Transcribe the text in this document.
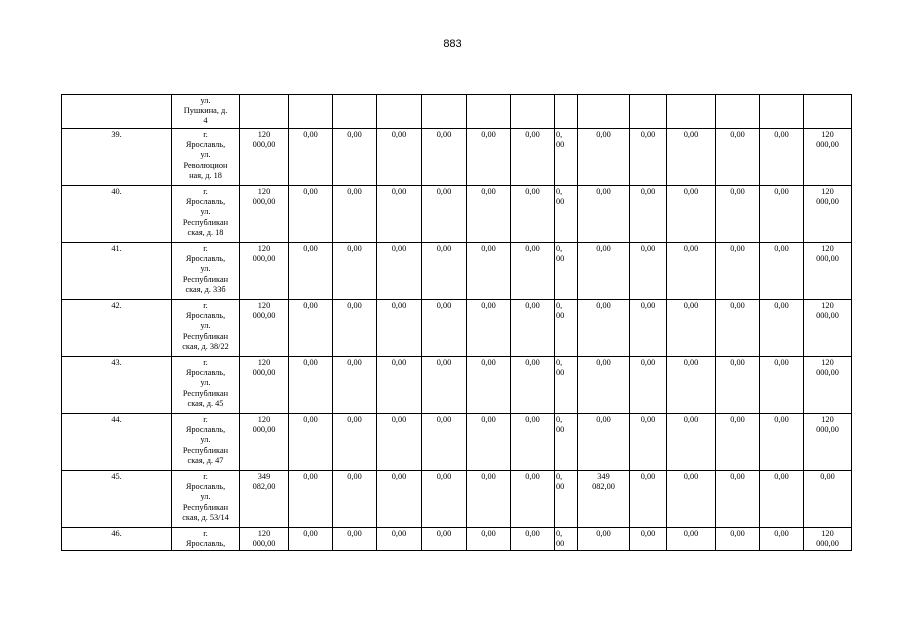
883

	ул.
Пушкина, д.
4														

39.	г.
Ярославль,
ул.
Революцион
ная, д. 18	120
000,00	0,00	0,00	0,00	0,00	0,00	0,00	0,
00	0,00	0,00	0,00	0,00	0,00	120
000,00

40.	г.
Ярославль,
ул.
Республикан
ская, д. 18	120
000,00	0,00	0,00	0,00	0,00	0,00	0,00	0,
00	0,00	0,00	0,00	0,00	0,00	120
000,00

41.	г.
Ярославль,
ул.
Республикан
ская, д. 33б	120
000,00	0,00	0,00	0,00	0,00	0,00	0,00	0,
00	0,00	0,00	0,00	0,00	0,00	120
000,00

42.	г.
Ярославль,
ул.
Республикан
ская, д. 38/22	120
000,00	0,00	0,00	0,00	0,00	0,00	0,00	0,
00	0,00	0,00	0,00	0,00	0,00	120
000,00

43.	г.
Ярославль,
ул.
Республикан
ская, д. 45	120
000,00	0,00	0,00	0,00	0,00	0,00	0,00	0,
00	0,00	0,00	0,00	0,00	0,00	120
000,00

44.	г.
Ярославль,
ул.
Республикан
ская, д. 47	120
000,00	0,00	0,00	0,00	0,00	0,00	0,00	0,
00	0,00	0,00	0,00	0,00	0,00	120
000,00

45.	г.
Ярославль,
ул.
Республикан
ская, д. 53/14	349
082,00	0,00	0,00	0,00	0,00	0,00	0,00	0,
00	349
082,00	0,00	0,00	0,00	0,00	0,00

46.	г.
Ярославль,	120
000,00	0,00	0,00	0,00	0,00	0,00	0,00	0,
00	0,00	0,00	0,00	0,00	0,00	120
000,00
